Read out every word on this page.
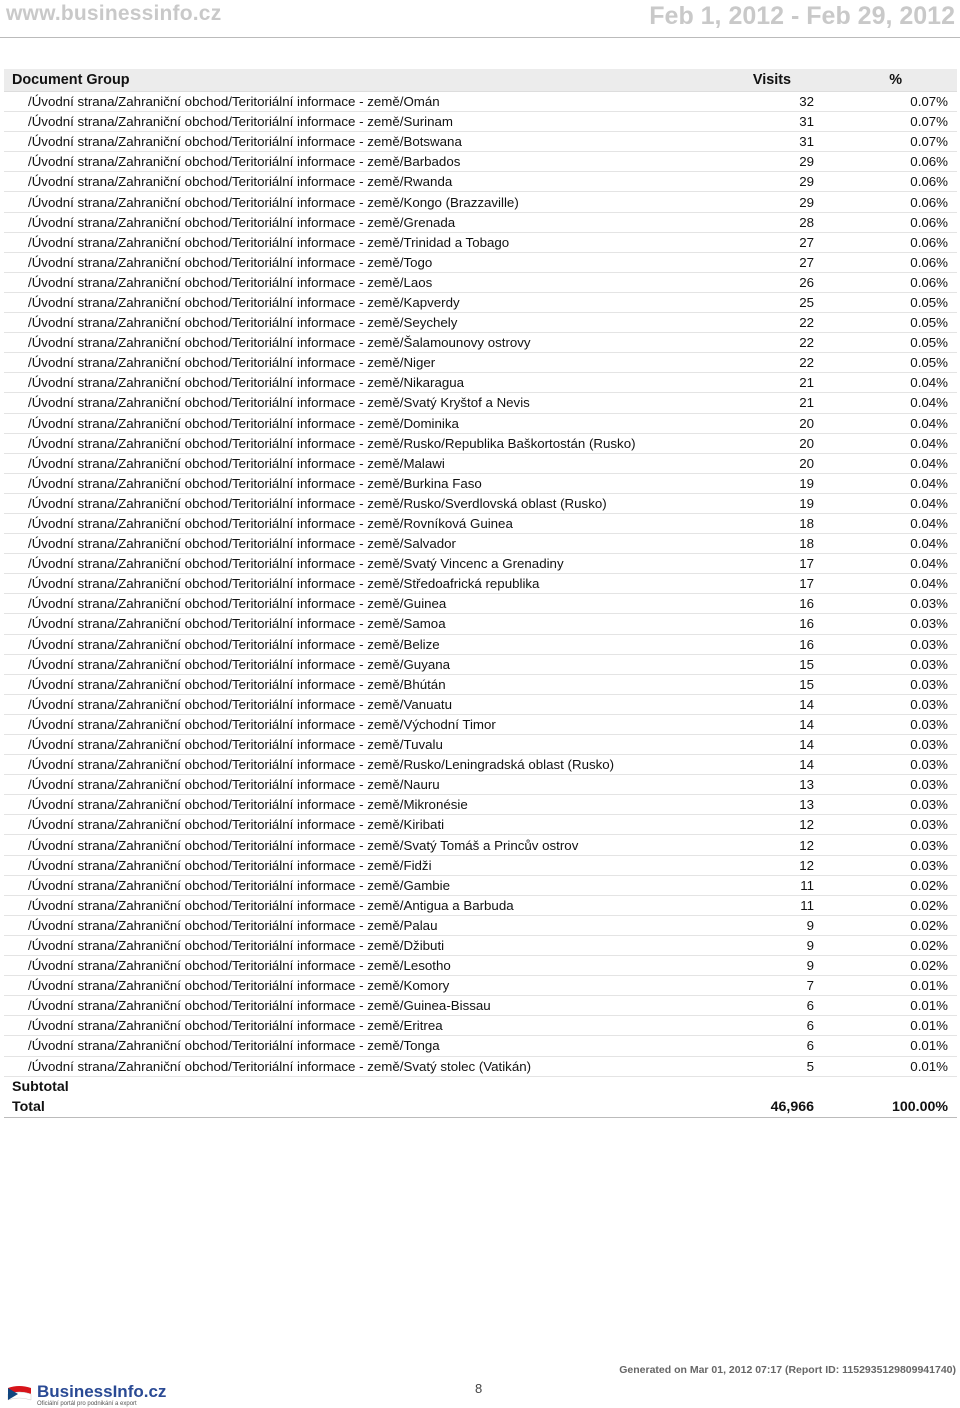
www.businessinfo.cz	Feb 1, 2012 - Feb 29, 2012
Document Group	Visits	%
/Úvodní strana/Zahraniční obchod/Teritoriální informace - země/Omán	32	0.07%
/Úvodní strana/Zahraniční obchod/Teritoriální informace - země/Surinam	31	0.07%
/Úvodní strana/Zahraniční obchod/Teritoriální informace - země/Botswana	31	0.07%
/Úvodní strana/Zahraniční obchod/Teritoriální informace - země/Barbados	29	0.06%
/Úvodní strana/Zahraniční obchod/Teritoriální informace - země/Rwanda	29	0.06%
/Úvodní strana/Zahraniční obchod/Teritoriální informace - země/Kongo (Brazzaville)	29	0.06%
/Úvodní strana/Zahraniční obchod/Teritoriální informace - země/Grenada	28	0.06%
/Úvodní strana/Zahraniční obchod/Teritoriální informace - země/Trinidad a Tobago	27	0.06%
/Úvodní strana/Zahraniční obchod/Teritoriální informace - země/Togo	27	0.06%
/Úvodní strana/Zahraniční obchod/Teritoriální informace - země/Laos	26	0.06%
/Úvodní strana/Zahraniční obchod/Teritoriální informace - země/Kapverdy	25	0.05%
/Úvodní strana/Zahraniční obchod/Teritoriální informace - země/Seychely	22	0.05%
/Úvodní strana/Zahraniční obchod/Teritoriální informace - země/Šalamounovy ostrovy	22	0.05%
/Úvodní strana/Zahraniční obchod/Teritoriální informace - země/Niger	22	0.05%
/Úvodní strana/Zahraniční obchod/Teritoriální informace - země/Nikaragua	21	0.04%
/Úvodní strana/Zahraniční obchod/Teritoriální informace - země/Svatý Kryštof a Nevis	21	0.04%
/Úvodní strana/Zahraniční obchod/Teritoriální informace - země/Dominika	20	0.04%
/Úvodní strana/Zahraniční obchod/Teritoriální informace - země/Rusko/Republika Baškortostán (Rusko)	20	0.04%
/Úvodní strana/Zahraniční obchod/Teritoriální informace - země/Malawi	20	0.04%
/Úvodní strana/Zahraniční obchod/Teritoriální informace - země/Burkina Faso	19	0.04%
/Úvodní strana/Zahraniční obchod/Teritoriální informace - země/Rusko/Sverdlovská oblast (Rusko)	19	0.04%
/Úvodní strana/Zahraniční obchod/Teritoriální informace - země/Rovníková Guinea	18	0.04%
/Úvodní strana/Zahraniční obchod/Teritoriální informace - země/Salvador	18	0.04%
/Úvodní strana/Zahraniční obchod/Teritoriální informace - země/Svatý Vincenc a Grenadiny	17	0.04%
/Úvodní strana/Zahraniční obchod/Teritoriální informace - země/Středoafrická republika	17	0.04%
/Úvodní strana/Zahraniční obchod/Teritoriální informace - země/Guinea	16	0.03%
/Úvodní strana/Zahraniční obchod/Teritoriální informace - země/Samoa	16	0.03%
/Úvodní strana/Zahraniční obchod/Teritoriální informace - země/Belize	16	0.03%
/Úvodní strana/Zahraniční obchod/Teritoriální informace - země/Guyana	15	0.03%
/Úvodní strana/Zahraniční obchod/Teritoriální informace - země/Bhútán	15	0.03%
/Úvodní strana/Zahraniční obchod/Teritoriální informace - země/Vanuatu	14	0.03%
/Úvodní strana/Zahraniční obchod/Teritoriální informace - země/Východní Timor	14	0.03%
/Úvodní strana/Zahraniční obchod/Teritoriální informace - země/Tuvalu	14	0.03%
/Úvodní strana/Zahraniční obchod/Teritoriální informace - země/Rusko/Leningradská oblast (Rusko)	14	0.03%
/Úvodní strana/Zahraniční obchod/Teritoriální informace - země/Nauru	13	0.03%
/Úvodní strana/Zahraniční obchod/Teritoriální informace - země/Mikronésie	13	0.03%
/Úvodní strana/Zahraniční obchod/Teritoriální informace - země/Kiribati	12	0.03%
/Úvodní strana/Zahraniční obchod/Teritoriální informace - země/Svatý Tomáš a Princův ostrov	12	0.03%
/Úvodní strana/Zahraniční obchod/Teritoriální informace - země/Fidži	12	0.03%
/Úvodní strana/Zahraniční obchod/Teritoriální informace - země/Gambie	11	0.02%
/Úvodní strana/Zahraniční obchod/Teritoriální informace - země/Antigua a Barbuda	11	0.02%
/Úvodní strana/Zahraniční obchod/Teritoriální informace - země/Palau	9	0.02%
/Úvodní strana/Zahraniční obchod/Teritoriální informace - země/Džibuti	9	0.02%
/Úvodní strana/Zahraniční obchod/Teritoriální informace - země/Lesotho	9	0.02%
/Úvodní strana/Zahraniční obchod/Teritoriální informace - země/Komory	7	0.01%
/Úvodní strana/Zahraniční obchod/Teritoriální informace - země/Guinea-Bissau	6	0.01%
/Úvodní strana/Zahraniční obchod/Teritoriální informace - země/Eritrea	6	0.01%
/Úvodní strana/Zahraniční obchod/Teritoriální informace - země/Tonga	6	0.01%
/Úvodní strana/Zahraniční obchod/Teritoriální informace - země/Svatý stolec (Vatikán)	5	0.01%
Subtotal		
Total	46,966	100.00%
BusinessInfo.cz
Oficiální portál pro podnikání a export
8
Generated on Mar 01, 2012 07:17 (Report ID: 1152935129809941740)
